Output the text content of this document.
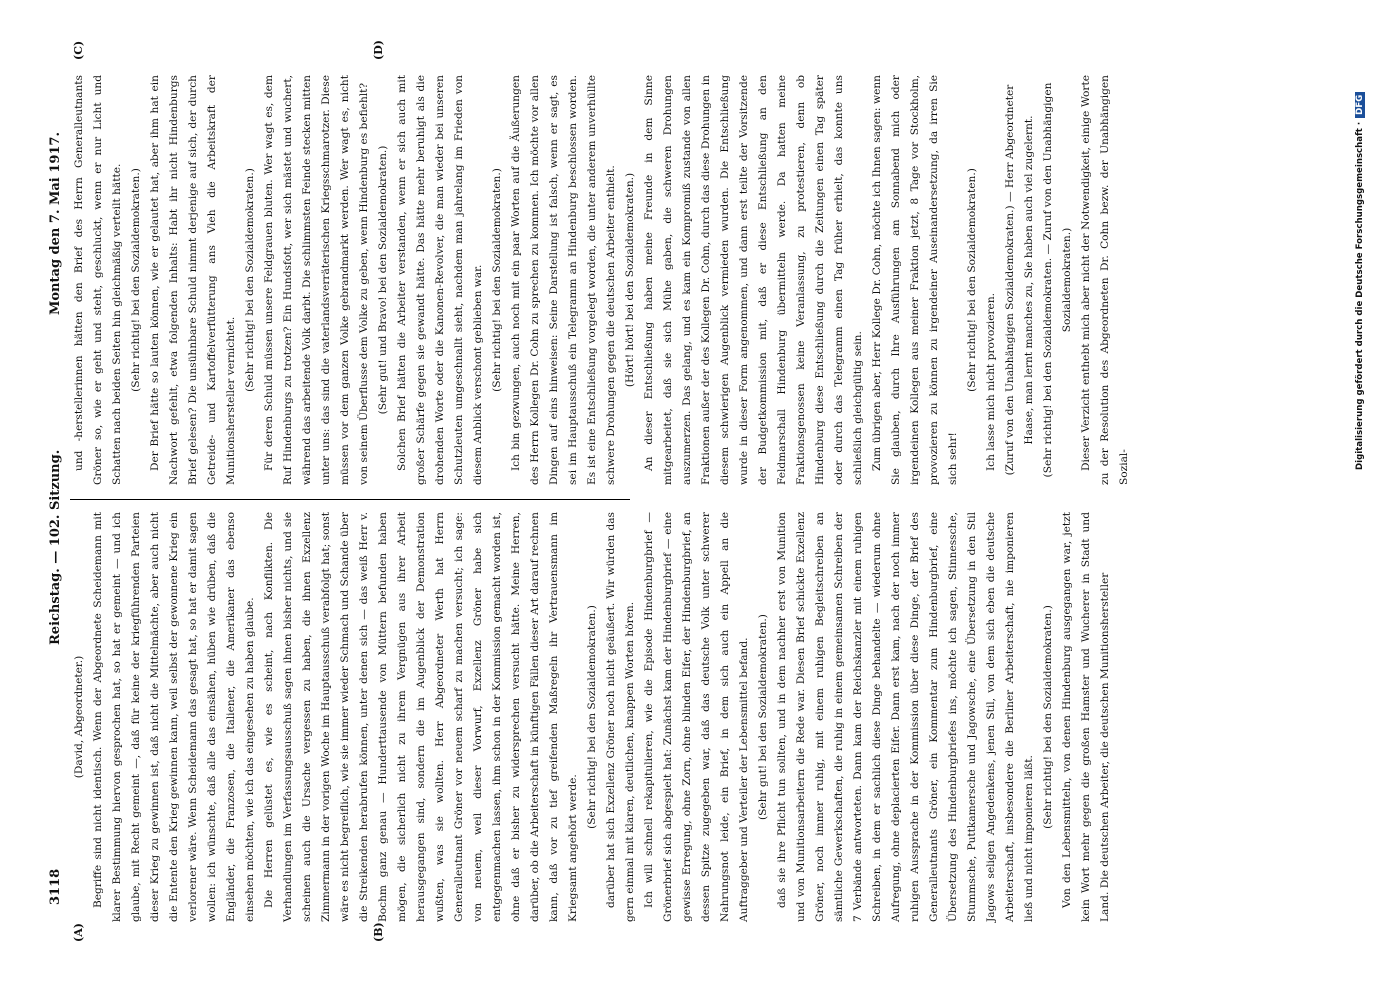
3118
Reichstag. — 102. Sitzung.
Montag den 7. Mai 1917.
(A)	(B)
(C)	(D)

(David, Abgeordneter.) Begriffe sind nicht identisch. Wenn der Abgeordnete Scheidemann mit klarer Bestimmung hiervon gesprochen hat, so hat er gemeint — und ich glaube, mit Recht gemeint —, daß für keine der kriegführenden Parteien dieser Krieg zu gewinnen ist, daß nicht die Mittelmächte, aber auch nicht die Entente den Krieg gewinnen kann, weil selbst der gewonnene Krieg ein verlorener wäre. Wenn Scheidemann das gesagt hat, so hat er damit sagen wollen: ich wünschte, daß alle das einsähen, hüben wie drüben, daß die Engländer, die Franzosen, die Italiener, die Amerikaner das ebenso einsehen möchten, wie ich das eingesehen zu haben glaube. Die Herren gelüstet es, wie es scheint, nach Konflikten. Die Verhandlungen im Verfassungsausschuß sagen ihnen bisher nichts, und sie scheinen auch die Ursache vergessen zu haben, die ihnen Exzellenz Zimmermann in der vorigen Woche im Hauptausschuß verabfolgt hat; sonst wäre es nicht begreiflich, wie sie immer wieder Schmach und Schande über die Streikenden herabrufen können, unter denen sich — das weiß Herr v. Bochm ganz genau — Hunderttausende von Müttern befunden haben mögen, die sicherlich nicht zu ihrem Vergnügen aus ihrer Arbeit herausgegangen sind, sondern die im Augenblick der Demonstration wußten, was sie wollten. Herr Abgeordneter Werth hat Herrn Generalleutnant Gröner vor neuem scharf zu machen versucht; ich sage: von neuem, weil dieser Vorwurf, Exzellenz Gröner habe sich entgegenmachen lassen, ihm schon in der Kommission gemacht worden ist, ohne daß er bisher zu widersprechen versucht hätte. Meine Herren, darüber, ob die Arbeiterschaft in künftigen Fällen dieser Art darauf rechnen kann, daß vor zu tief greifenden Maßregeln ihr Vertrauensmann im Kriegsamt angehört werde.

(Sehr richtig! bei den Sozialdemokraten.) darüber hat sich Exzellenz Gröner noch nicht geäußert. Wir würden das gern einmal mit klaren, deutlichen, knappen Worten hören. Ich will schnell rekapitulieren, wie die Episode Hindenburgbrief — Grönerbrief sich abgespielt hat: Zunächst kam der Hindenburgbrief — eine gewisse Erregung, ohne Zorn, ohne blinden Eifer, der Hindenburgbrief, an dessen Spitze zugegeben war, daß das deutsche Volk unter schwerer Nahrungsnot leide, ein Brief, in dem sich auch ein Appell an die Auftraggeber und Verteiler der Lebensmittel befand. (Sehr gut! bei den Sozialdemokraten.) daß sie ihre Pflicht tun sollten, und in dem nachher erst von Munition und von Munitionsarbeitern die Rede war. Diesen Brief schickte Exzellenz Gröner, noch immer ruhig, mit einem ruhigen Begleitschreiben an sämtliche Gewerkschaften, die ruhig in einem gemeinsamen Schreiben der 7 Verbände antworteten. Dann kam der Reichskanzler mit einem ruhigen Schreiben, in dem er sachlich diese Dinge behandelte — wiederum ohne Aufregung, ohne deplacierten Eifer. Dann erst kam, nach der noch immer ruhigen Aussprache in der Kommission über diese Dinge, der Brief des Generalleutnants Gröner, ein Kommentar zum Hindenburgbrief, eine Übersetzung des Hindenburgbriefes ins, möchte ich sagen, Stinnessche, Stummsche, Puttkamersche und Jagowsche, eine Übersetzung in den Stil Jagows seligen Angedenkens, jenen Stil, von dem sich eben die deutsche Arbeiterschaft, insbesondere die Berliner Arbeiterschaft, nie imponieren ließ und nicht imponieren läßt.

(Sehr richtig! bei den Sozialdemokraten.) Von den Lebensmitteln, von denen Hindenburg ausgegangen war, jetzt kein Wort mehr gegen die großen Hamster und Wucherer in Stadt und Land. Die deutschen Arbeiter, die deutschen Munitionshersteller

und -herstellerinnen hätten den Brief des Herrn Generalleutnants Gröner so, wie er geht und steht, geschluckt, wenn er nur Licht und Schatten nach beiden Seiten hin gleichmäßig verteilt hätte. (Sehr richtig! bei den Sozialdemokraten.) Der Brief hätte so lauten können, wie er gelautet hat, aber ihm hat ein Nachwort gefehlt, etwa folgenden Inhalts: Habt ihr nicht Hindenburgs Brief gelesen? Die unsühnbare Schuld nimmt derjenige auf sich, der durch Getreide- und Kartoffelverfütterung ans Vieh die Arbeitskraft der Munitionshersteller vernichtet.

(Sehr richtig! bei den Sozialdemokraten.) Für deren Schuld müssen unsere Feldgrauen bluten. Wer wagt es, dem Ruf Hindenburgs zu trotzen? Ein Hundsfott, wer sich mästet und wuchert, während das arbeitende Volk darbt. Die schlimmsten Feinde stecken mitten unter uns: das sind die vaterlandsverräterischen Kriegsschmarotzer. Diese müssen vor dem ganzen Volke gebrandmarkt werden. Wer wagt es, nicht von seinem Überflusse dem Volke zu geben, wenn Hindenburg es befiehlt? (Sehr gut! und Bravo! bei den Sozialdemokraten.) Solchen Brief hätten die Arbeiter verstanden, wenn er sich auch mit großer Schärfe gegen sie gewandt hätte. Das hätte mehr beruhigt als die drohenden Worte oder die Kanonen-Revolver, die man wieder bei unseren Schutzleuten umgeschnallt sieht, nachdem man jahrelang im Frieden von diesem Anblick verschont geblieben war. (Sehr richtig! bei den Sozialdemokraten.) Ich bin gezwungen, auch noch mit ein paar Worten auf die Äußerungen des Herrn Kollegen Dr. Cohn zu sprechen zu kommen. Ich möchte vor allen Dingen auf eins hinweisen: Seine Darstellung ist falsch, wenn er sagt, es sei im Hauptausschuß ein Telegramm an Hindenburg beschlossen worden. Es ist eine Entschließung vorgelegt worden, die unter anderem unverhüllte schwere Drohungen gegen die deutschen Arbeiter enthielt. (Hört! hört! bei den Sozialdemokraten.) An dieser Entschließung haben meine Freunde in dem Sinne mitgearbeitet, daß sie sich Mühe gaben, die schweren Drohungen auszumerzen. Das gelang, und es kam ein Kompromiß zustande von allen Fraktionen außer der des Kollegen Dr. Cohn, durch das diese Drohungen in diesem schwierigen Augenblick vermieden wurden. Die Entschließung wurde in dieser Form angenommen, und dann erst teilte der Vorsitzende der Budgetkommission mit, daß er diese Entschließung an den Feldmarschall Hindenburg übermitteln werde. Da hatten meine Fraktionsgenossen keine Veranlassung, zu protestieren, denn ob Hindenburg diese Entschließung durch die Zeitungen einen Tag später oder durch das Telegramm einen Tag früher erhielt, das konnte uns schließlich gleichgültig sein. Zum übrigen aber, Herr Kollege Dr. Cohn, möchte ich Ihnen sagen: wenn Sie glauben, durch Ihre Ausführungen am Sonnabend mich oder irgendeinen Kollegen aus meiner Fraktion jetzt, 8 Tage vor Stockholm, provozieren zu können zu irgendeiner Auseinandersetzung, da irren Sie sich sehr!

(Sehr richtig! bei den Sozialdemokraten.) Ich lasse mich nicht provozieren. (Zuruf von den Unabhängigen Sozialdemokraten.) — Herr Abgeordneter Haase, man lernt manches zu, Sie haben auch viel zugelernt. (Sehr richtig! bei den Sozialdemokraten. — Zuruf von den Unabhängigen Sozialdemokraten.) Dieser Verzicht enthebt mich aber nicht der Notwendigkeit, einige Worte zu der Resolution des Abgeordneten Dr. Cohn bezw. der Unabhängigen Sozial-	Digitalisierung gefördert durch die Deutsche Forschungsgemeinschaft ·DFG
